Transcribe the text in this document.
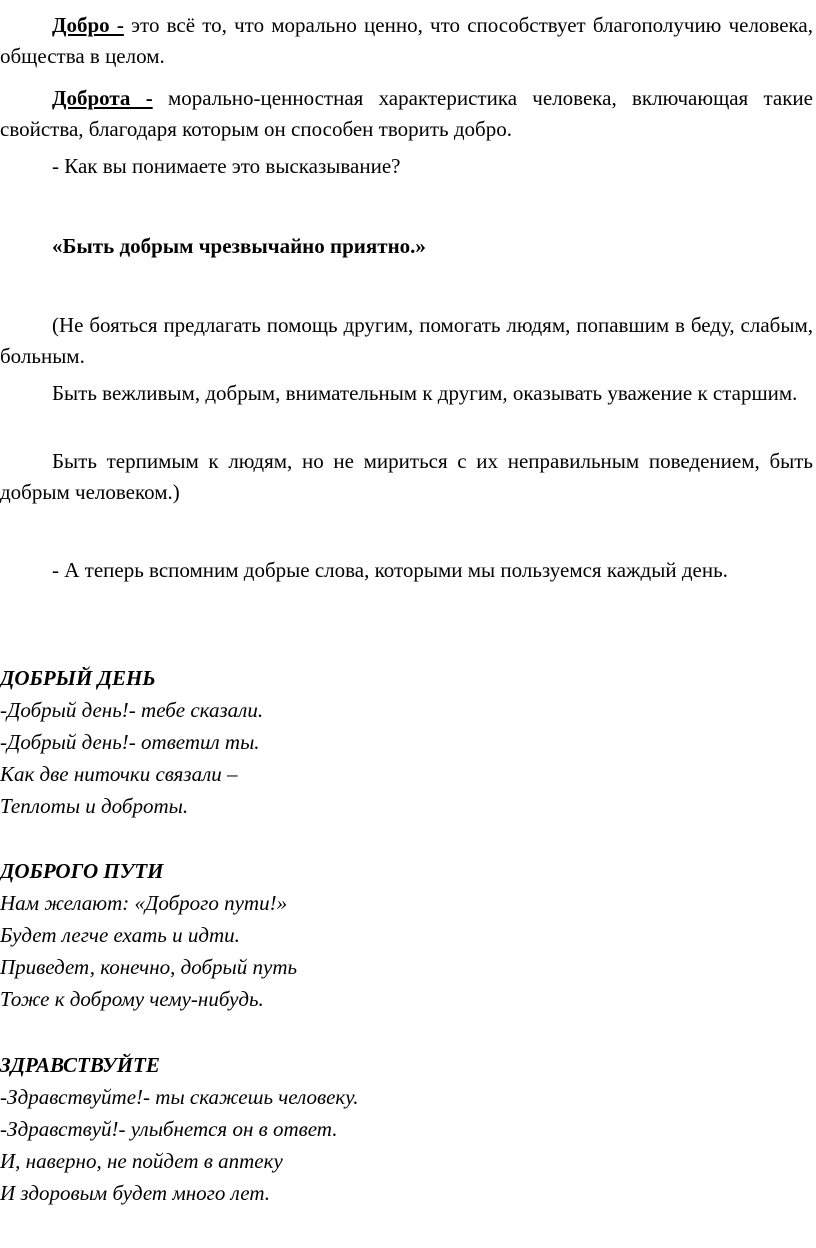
Добро - это всё то, что морально ценно, что способствует благополучию человека, общества в целом.

Доброта - морально-ценностная характеристика человека, включающая такие свойства, благодаря которым он способен творить добро.

- Как вы понимаете это высказывание?

«Быть добрым чрезвычайно приятно.»

(Не бояться предлагать помощь другим, помогать людям, попавшим в беду, слабым, больным.

Быть вежливым, добрым, внимательным к другим, оказывать уважение к старшим.

Быть терпимым к людям, но не мириться с их неправильным поведением, быть добрым человеком.)

- А теперь вспомним добрые слова, которыми мы пользуемся каждый день.

ДОБРЫЙ ДЕНЬ
-Добрый день!- тебе сказали.
-Добрый день!- ответил ты.
Как две ниточки связали –
Теплоты и доброты.
ДОБРОГО ПУТИ
Нам желают: «Доброго пути!»
Будет легче ехать и идти.
Приведет, конечно, добрый путь
Тоже к доброму чему-нибудь.
ЗДРАВСТВУЙТЕ
-Здравствуйте!- ты скажешь человеку.
-Здравствуй!- улыбнется он в ответ.
И, наверно, не пойдет в аптеку
И здоровым будет много лет.
